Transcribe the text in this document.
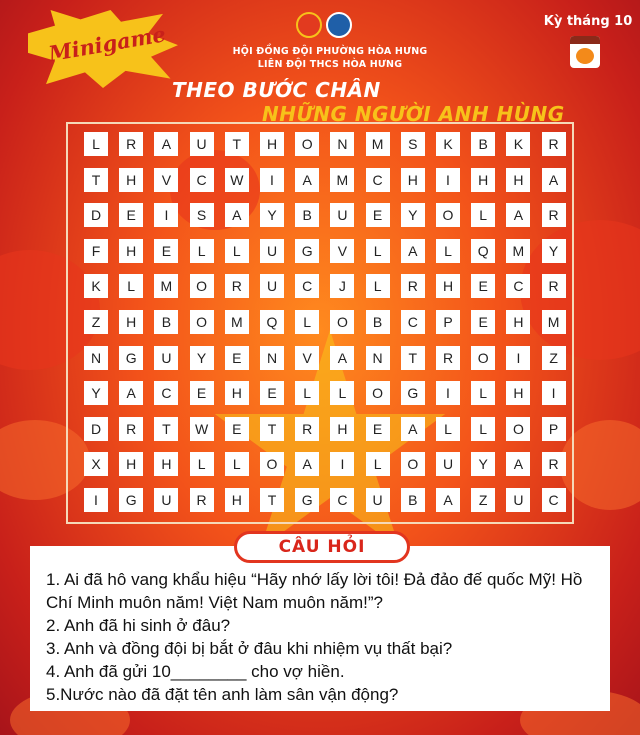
Minigame	HỘI ĐỒNG ĐỘI PHƯỜNG HÒA HƯNG
LIÊN ĐỘI THCS HÒA HƯNG
Kỳ tháng 10
THEO BƯỚC CHÂN
NHỮNG NGƯỜI ANH HÙNG
L	R	A	U	T	H	O	N	M	S	K	B	K	R
T	H	V	C	W	I	A	M	C	H	I	H	H	A
D	E	I	S	A	Y	B	U	E	Y	O	L	A	R
F	H	E	L	L	U	G	V	L	A	L	Q	M	Y
K	L	M	O	R	U	C	J	L	R	H	E	C	R
Z	H	B	O	M	Q	L	O	B	C	P	E	H	M
N	G	U	Y	E	N	V	A	N	T	R	O	I	Z
Y	A	C	E	H	E	L	L	O	G	I	L	H	I
D	R	T	W	E	T	R	H	E	A	L	L	O	P
X	H	H	L	L	O	A	I	L	O	U	Y	A	R
I	G	U	R	H	T	G	C	U	B	A	Z	U	C
CÂU HỎI

1. Ai đã hô vang khẩu hiệu “Hãy nhớ lấy lời tôi! Đả đảo đế quốc Mỹ! Hồ Chí Minh muôn năm! Việt Nam muôn năm!”?

2. Anh đã hi sinh ở đâu?

3. Anh và đồng đội bị bắt ở đâu khi nhiệm vụ thất bại?

4. Anh đã gửi 10________ cho vợ hiền.

5.Nước nào đã đặt tên anh làm sân vận động?
